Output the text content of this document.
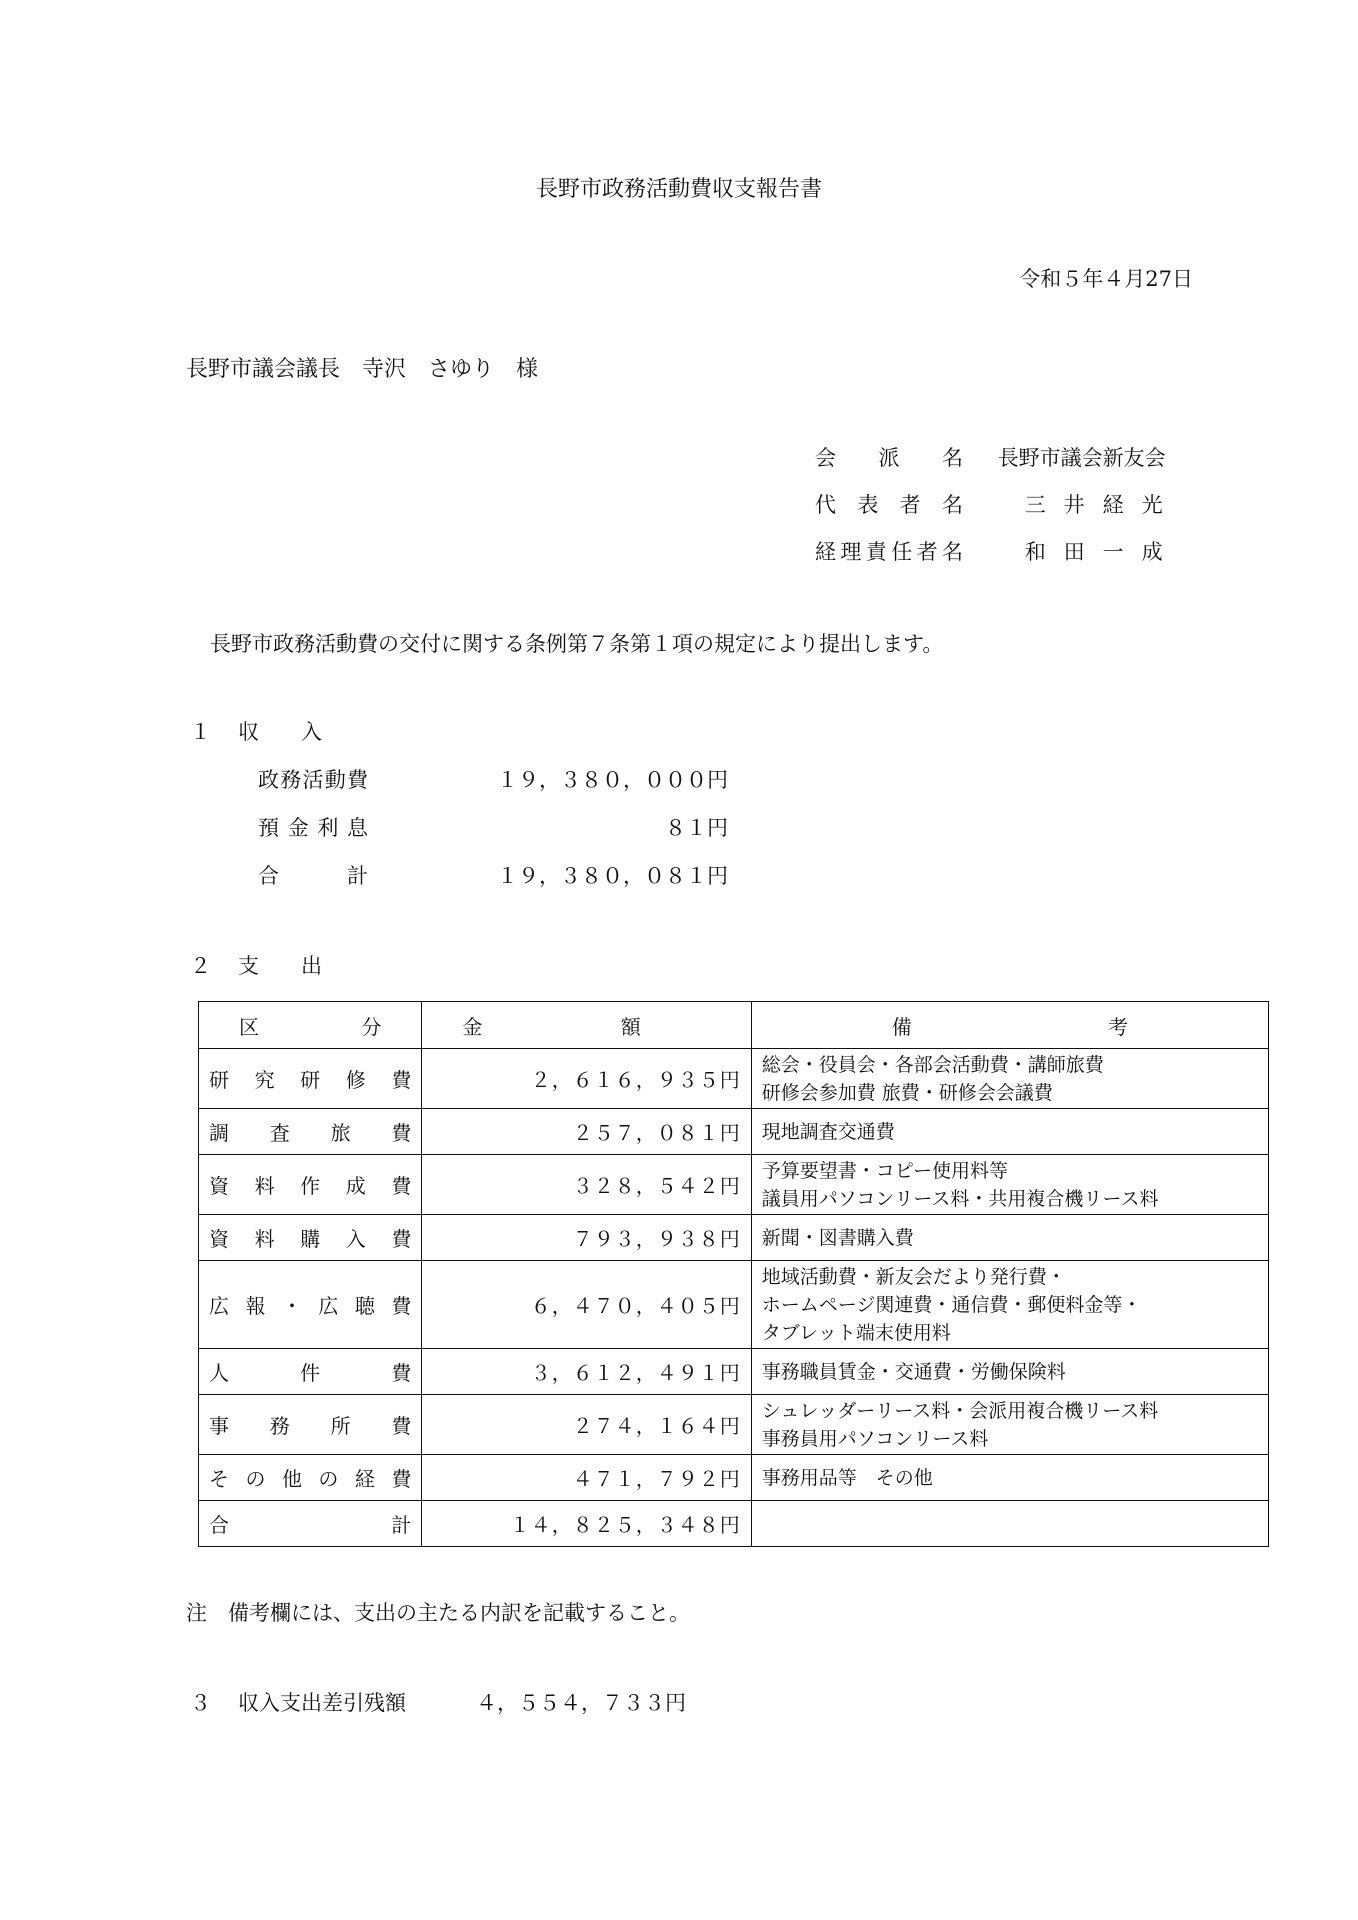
長野市政務活動費収支報告書
令和５年４月27日
長野市議会議長　寺沢　さゆり　様
会派名 長野市議会新友会
代表者名	三井経光
経理責任者名	和田一成
長野市政務活動費の交付に関する条例第７条第１項の規定により提出します。
１ 収　　入
政務活動費	１９，３８０，０００円
預金利息	８１円
合計	１９，３８０，０８１円
２ 支　　出
区 分	金 額	備 考

研究研修費	２，６１６，９３５円	総会・役員会・各部会活動費・講師旅費
研修会参加費 旅費・研修会会議費

調査旅費	２５７，０８１円	現地調査交通費

資料作成費	３２８，５４２円	予算要望書・コピー使用料等
議員用パソコンリース料・共用複合機リース料

資料購入費	７９３，９３８円	新聞・図書購入費

広報・広聴費	６，４７０，４０５円	地域活動費・新友会だより発行費・
ホームページ関連費・通信費・郵便料金等・
タブレット端末使用料

人件費	３，６１２，４９１円	事務職員賃金・交通費・労働保険料

事務所費	２７４，１６４円	シュレッダーリース料・会派用複合機リース料
事務員用パソコンリース料

その他の経費	４７１，７９２円	事務用品等　その他

合計	１４，８２５，３４８円	
注　備考欄には、支出の主たる内訳を記載すること。
３ 収入支出差引残額	４，５５４，７３３円
